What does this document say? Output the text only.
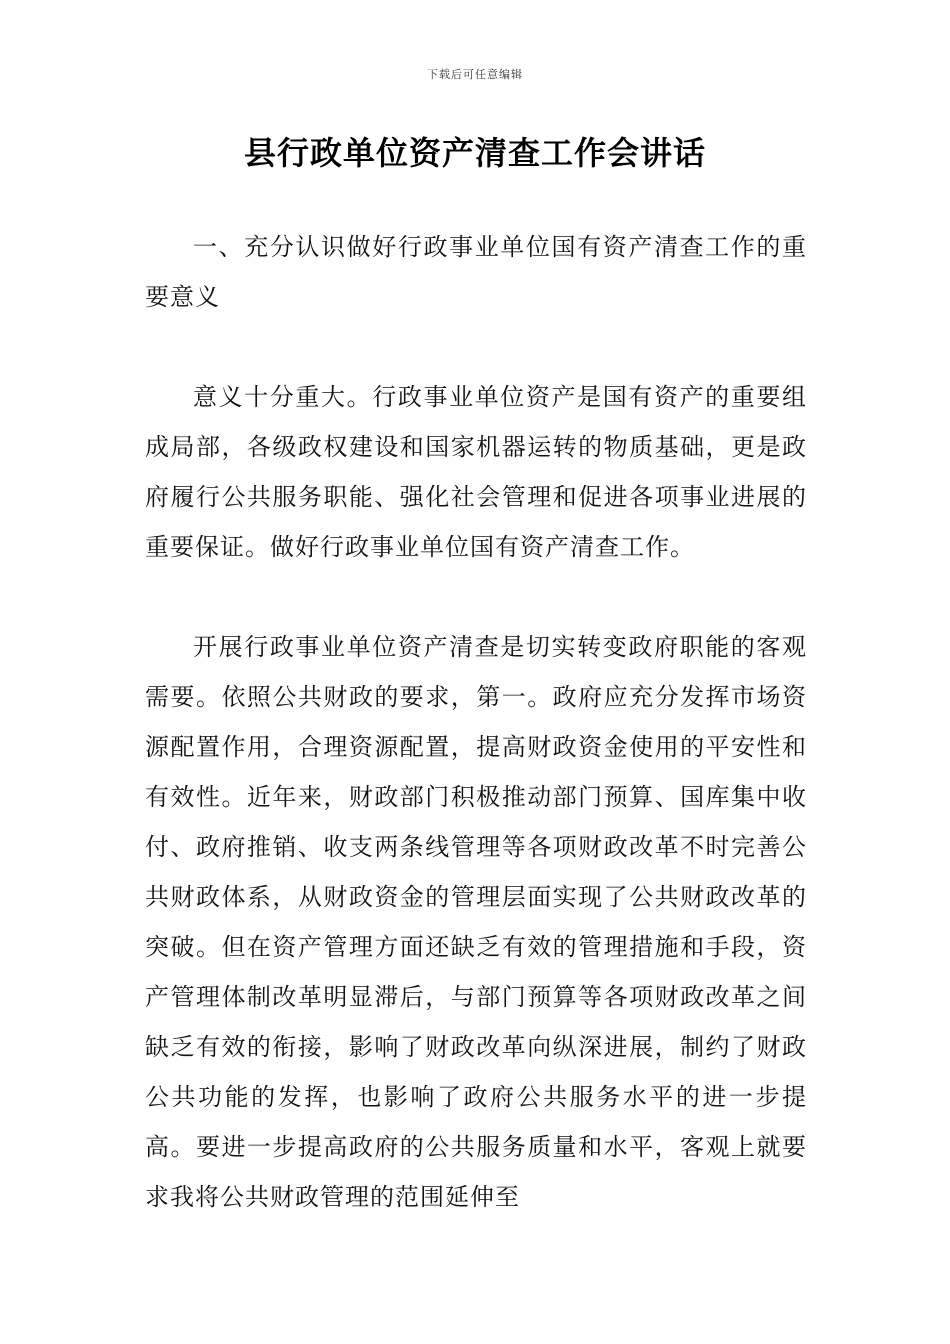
下载后可任意编辑
县行政单位资产清查工作会讲话

一、充分认识做好行政事业单位国有资产清查工作的重要意义

意义十分重大。行政事业单位资产是国有资产的重要组成局部，各级政权建设和国家机器运转的物质基础，更是政府履行公共服务职能、强化社会管理和促进各项事业进展的重要保证。做好行政事业单位国有资产清查工作。

开展行政事业单位资产清查是切实转变政府职能的客观需要。依照公共财政的要求，第一。政府应充分发挥市场资源配置作用，合理资源配置，提高财政资金使用的平安性和有效性。近年来，财政部门积极推动部门预算、国库集中收付、政府推销、收支两条线管理等各项财政改革不时完善公共财政体系，从财政资金的管理层面实现了公共财政改革的突破。但在资产管理方面还缺乏有效的管理措施和手段，资产管理体制改革明显滞后，与部门预算等各项财政改革之间缺乏有效的衔接，影响了财政改革向纵深进展，制约了财政公共功能的发挥，也影响了政府公共服务水平的进一步提高。要进一步提高政府的公共服务质量和水平，客观上就要求我将公共财政管理的范围延伸至
